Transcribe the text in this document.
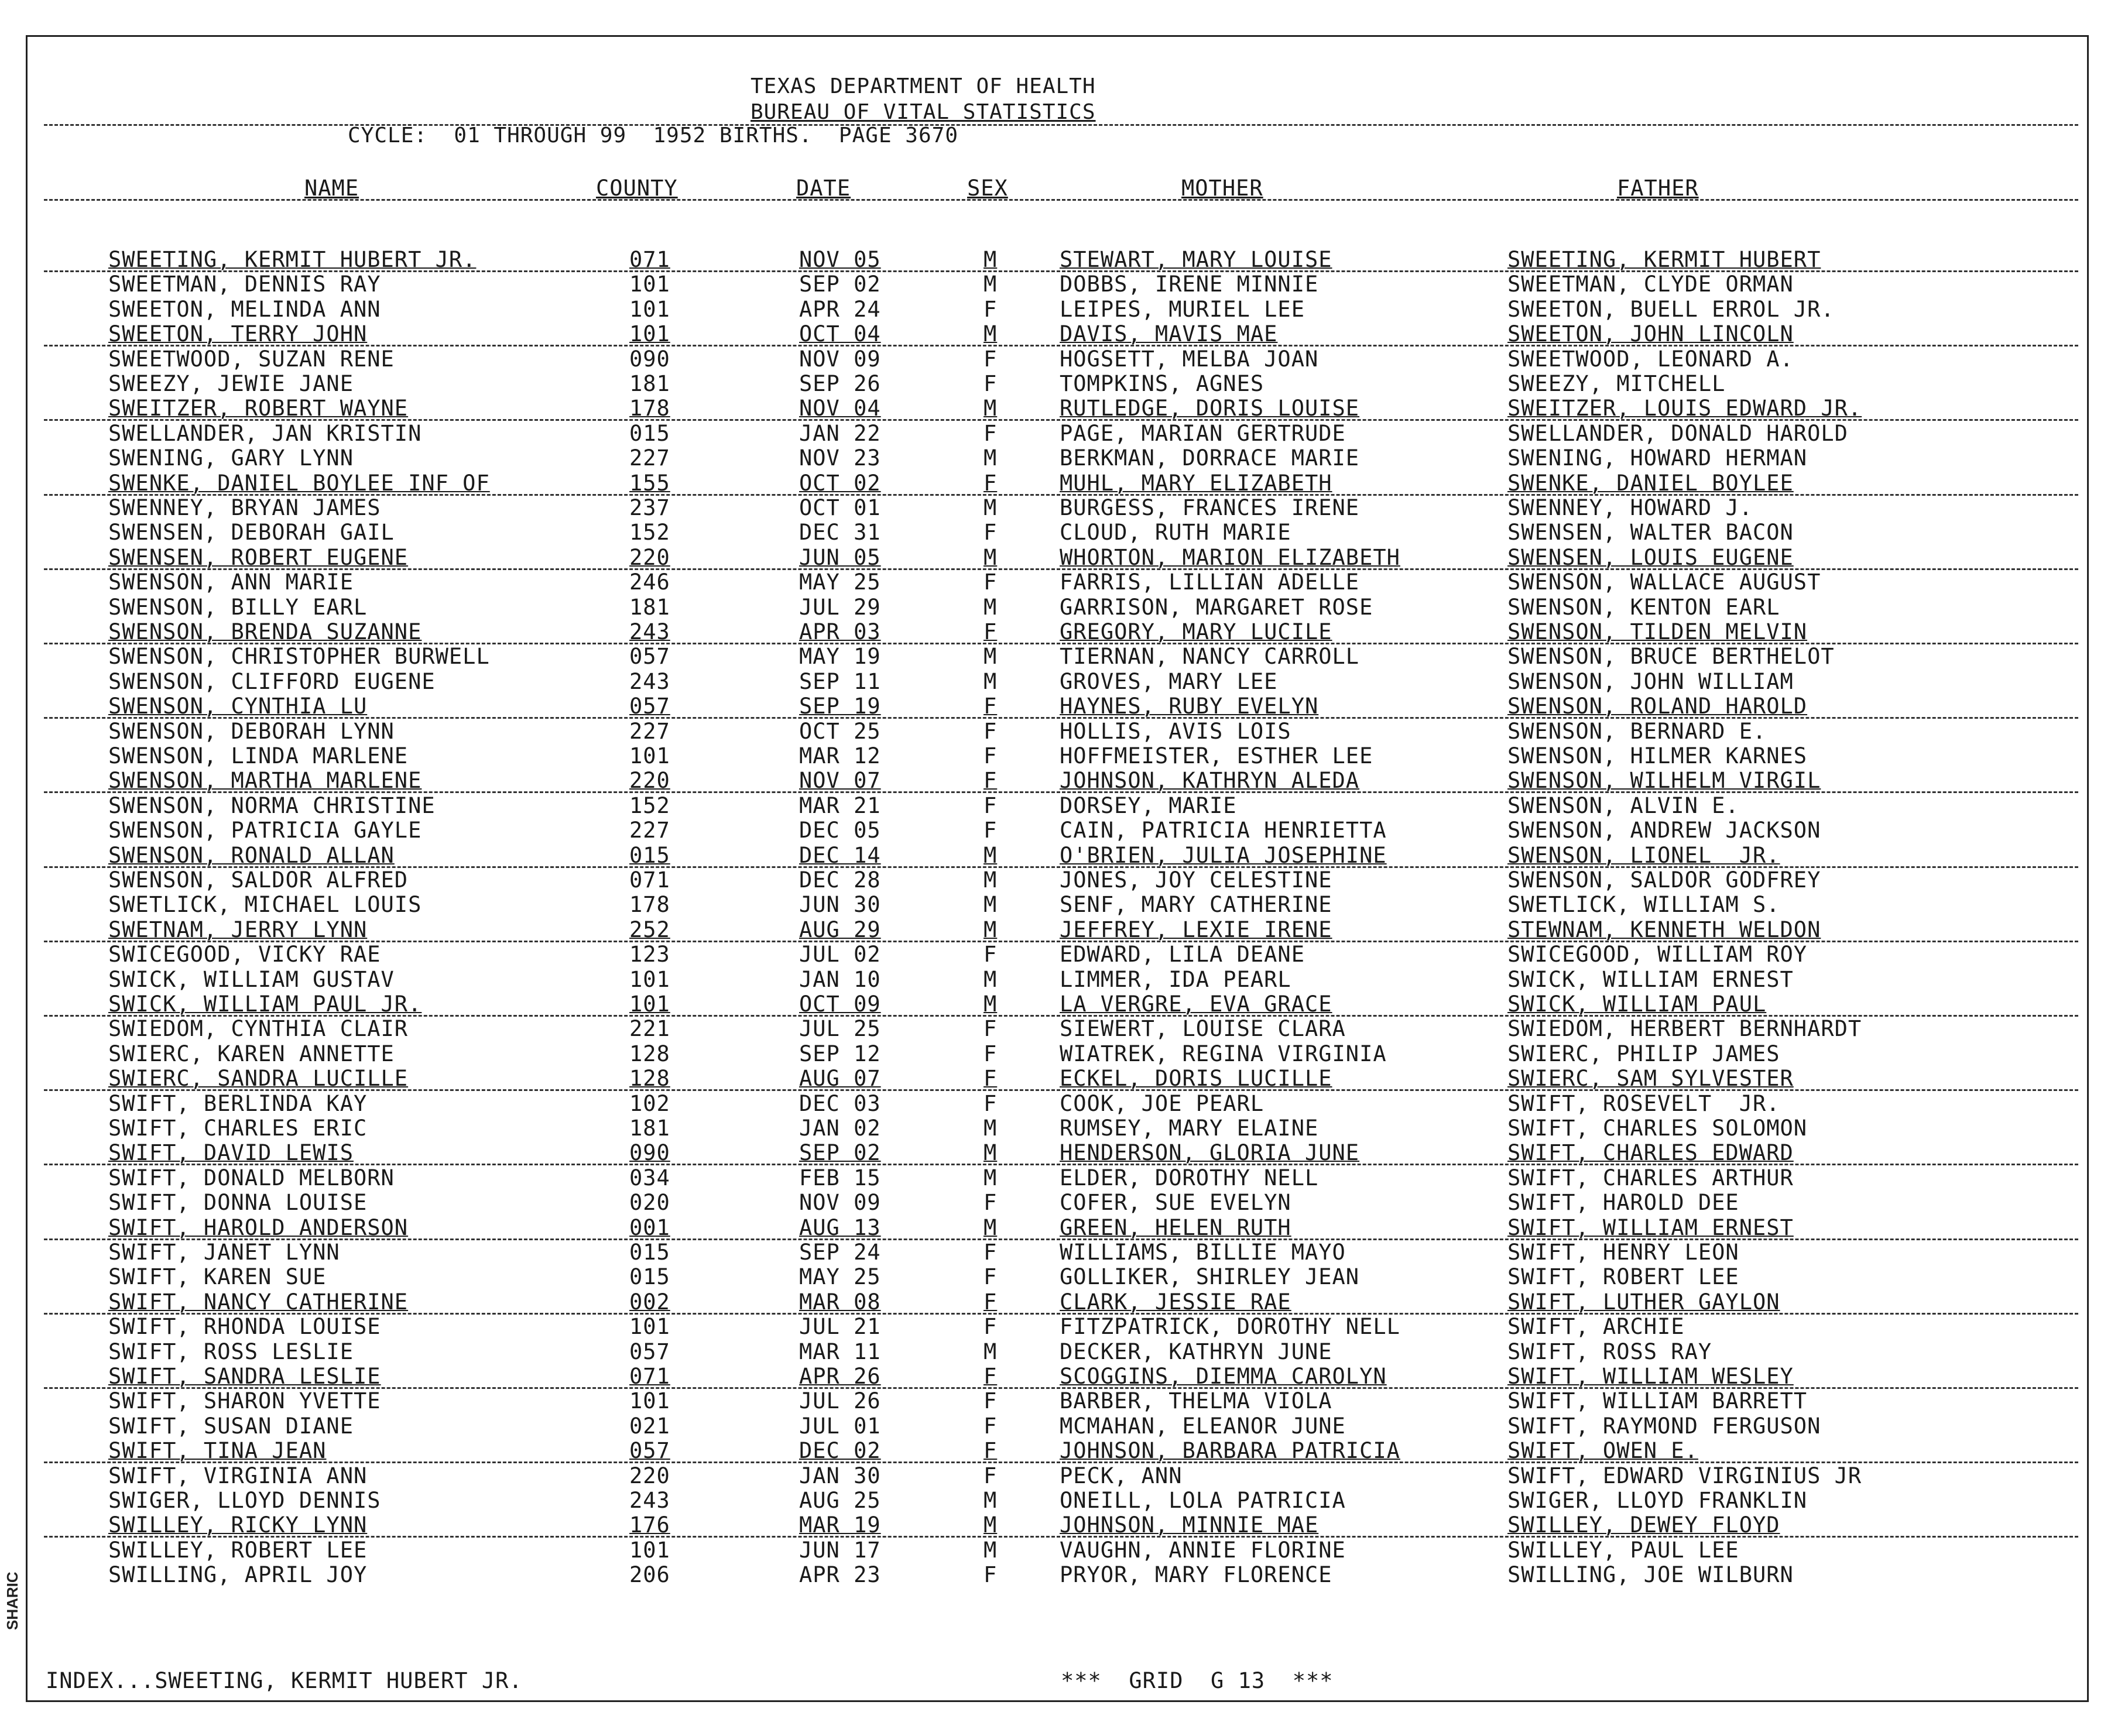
SHARIC
TEXAS DEPARTMENT OF HEALTH
BUREAU OF VITAL STATISTICS
CYCLE:  01 THROUGH 99  1952 BIRTHS.  PAGE 3670
NAME	COUNTY	DATE	SEX	MOTHER	FATHER
SWEETING, KERMIT HUBERT JR.	071	NOV 05	M	STEWART, MARY LOUISE	SWEETING, KERMIT HUBERT
SWEETMAN, DENNIS RAY	101	SEP 02	M	DOBBS, IRENE MINNIE	SWEETMAN, CLYDE ORMAN
SWEETON, MELINDA ANN	101	APR 24	F	LEIPES, MURIEL LEE	SWEETON, BUELL ERROL JR.
SWEETON, TERRY JOHN	101	OCT 04	M	DAVIS, MAVIS MAE	SWEETON, JOHN LINCOLN
SWEETWOOD, SUZAN RENE	090	NOV 09	F	HOGSETT, MELBA JOAN	SWEETWOOD, LEONARD A.
SWEEZY, JEWIE JANE	181	SEP 26	F	TOMPKINS, AGNES	SWEEZY, MITCHELL
SWEITZER, ROBERT WAYNE	178	NOV 04	M	RUTLEDGE, DORIS LOUISE	SWEITZER, LOUIS EDWARD JR.
SWELLANDER, JAN KRISTIN	015	JAN 22	F	PAGE, MARIAN GERTRUDE	SWELLANDER, DONALD HAROLD
SWENING, GARY LYNN	227	NOV 23	M	BERKMAN, DORRACE MARIE	SWENING, HOWARD HERMAN
SWENKE, DANIEL BOYLEE INF OF	155	OCT 02	F	MUHL, MARY ELIZABETH	SWENKE, DANIEL BOYLEE
SWENNEY, BRYAN JAMES	237	OCT 01	M	BURGESS, FRANCES IRENE	SWENNEY, HOWARD J.
SWENSEN, DEBORAH GAIL	152	DEC 31	F	CLOUD, RUTH MARIE	SWENSEN, WALTER BACON
SWENSEN, ROBERT EUGENE	220	JUN 05	M	WHORTON, MARION ELIZABETH	SWENSEN, LOUIS EUGENE
SWENSON, ANN MARIE	246	MAY 25	F	FARRIS, LILLIAN ADELLE	SWENSON, WALLACE AUGUST
SWENSON, BILLY EARL	181	JUL 29	M	GARRISON, MARGARET ROSE	SWENSON, KENTON EARL
SWENSON, BRENDA SUZANNE	243	APR 03	F	GREGORY, MARY LUCILE	SWENSON, TILDEN MELVIN
SWENSON, CHRISTOPHER BURWELL	057	MAY 19	M	TIERNAN, NANCY CARROLL	SWENSON, BRUCE BERTHELOT
SWENSON, CLIFFORD EUGENE	243	SEP 11	M	GROVES, MARY LEE	SWENSON, JOHN WILLIAM
SWENSON, CYNTHIA LU	057	SEP 19	F	HAYNES, RUBY EVELYN	SWENSON, ROLAND HAROLD
SWENSON, DEBORAH LYNN	227	OCT 25	F	HOLLIS, AVIS LOIS	SWENSON, BERNARD E.
SWENSON, LINDA MARLENE	101	MAR 12	F	HOFFMEISTER, ESTHER LEE	SWENSON, HILMER KARNES
SWENSON, MARTHA MARLENE	220	NOV 07	F	JOHNSON, KATHRYN ALEDA	SWENSON, WILHELM VIRGIL
SWENSON, NORMA CHRISTINE	152	MAR 21	F	DORSEY, MARIE	SWENSON, ALVIN E.
SWENSON, PATRICIA GAYLE	227	DEC 05	F	CAIN, PATRICIA HENRIETTA	SWENSON, ANDREW JACKSON
SWENSON, RONALD ALLAN	015	DEC 14	M	O'BRIEN, JULIA JOSEPHINE	SWENSON, LIONEL  JR.
SWENSON, SALDOR ALFRED	071	DEC 28	M	JONES, JOY CELESTINE	SWENSON, SALDOR GODFREY
SWETLICK, MICHAEL LOUIS	178	JUN 30	M	SENF, MARY CATHERINE	SWETLICK, WILLIAM S.
SWETNAM, JERRY LYNN	252	AUG 29	M	JEFFREY, LEXIE IRENE	STEWNAM, KENNETH WELDON
SWICEGOOD, VICKY RAE	123	JUL 02	F	EDWARD, LILA DEANE	SWICEGOOD, WILLIAM ROY
SWICK, WILLIAM GUSTAV	101	JAN 10	M	LIMMER, IDA PEARL	SWICK, WILLIAM ERNEST
SWICK, WILLIAM PAUL JR.	101	OCT 09	M	LA VERGRE, EVA GRACE	SWICK, WILLIAM PAUL
SWIEDOM, CYNTHIA CLAIR	221	JUL 25	F	SIEWERT, LOUISE CLARA	SWIEDOM, HERBERT BERNHARDT
SWIERC, KAREN ANNETTE	128	SEP 12	F	WIATREK, REGINA VIRGINIA	SWIERC, PHILIP JAMES
SWIERC, SANDRA LUCILLE	128	AUG 07	F	ECKEL, DORIS LUCILLE	SWIERC, SAM SYLVESTER
SWIFT, BERLINDA KAY	102	DEC 03	F	COOK, JOE PEARL	SWIFT, ROSEVELT  JR.
SWIFT, CHARLES ERIC	181	JAN 02	M	RUMSEY, MARY ELAINE	SWIFT, CHARLES SOLOMON
SWIFT, DAVID LEWIS	090	SEP 02	M	HENDERSON, GLORIA JUNE	SWIFT, CHARLES EDWARD
SWIFT, DONALD MELBORN	034	FEB 15	M	ELDER, DOROTHY NELL	SWIFT, CHARLES ARTHUR
SWIFT, DONNA LOUISE	020	NOV 09	F	COFER, SUE EVELYN	SWIFT, HAROLD DEE
SWIFT, HAROLD ANDERSON	001	AUG 13	M	GREEN, HELEN RUTH	SWIFT, WILLIAM ERNEST
SWIFT, JANET LYNN	015	SEP 24	F	WILLIAMS, BILLIE MAYO	SWIFT, HENRY LEON
SWIFT, KAREN SUE	015	MAY 25	F	GOLLIKER, SHIRLEY JEAN	SWIFT, ROBERT LEE
SWIFT, NANCY CATHERINE	002	MAR 08	F	CLARK, JESSIE RAE	SWIFT, LUTHER GAYLON
SWIFT, RHONDA LOUISE	101	JUL 21	F	FITZPATRICK, DOROTHY NELL	SWIFT, ARCHIE
SWIFT, ROSS LESLIE	057	MAR 11	M	DECKER, KATHRYN JUNE	SWIFT, ROSS RAY
SWIFT, SANDRA LESLIE	071	APR 26	F	SCOGGINS, DIEMMA CAROLYN	SWIFT, WILLIAM WESLEY
SWIFT, SHARON YVETTE	101	JUL 26	F	BARBER, THELMA VIOLA	SWIFT, WILLIAM BARRETT
SWIFT, SUSAN DIANE	021	JUL 01	F	MCMAHAN, ELEANOR JUNE	SWIFT, RAYMOND FERGUSON
SWIFT, TINA JEAN	057	DEC 02	F	JOHNSON, BARBARA PATRICIA	SWIFT, OWEN E.
SWIFT, VIRGINIA ANN	220	JAN 30	F	PECK, ANN	SWIFT, EDWARD VIRGINIUS JR
SWIGER, LLOYD DENNIS	243	AUG 25	M	ONEILL, LOLA PATRICIA	SWIGER, LLOYD FRANKLIN
SWILLEY, RICKY LYNN	176	MAR 19	M	JOHNSON, MINNIE MAE	SWILLEY, DEWEY FLOYD
SWILLEY, ROBERT LEE	101	JUN 17	M	VAUGHN, ANNIE FLORINE	SWILLEY, PAUL LEE
SWILLING, APRIL JOY	206	APR 23	F	PRYOR, MARY FLORENCE	SWILLING, JOE WILBURN
INDEX...SWEETING, KERMIT HUBERT JR.	***  GRID  G 13  ***
